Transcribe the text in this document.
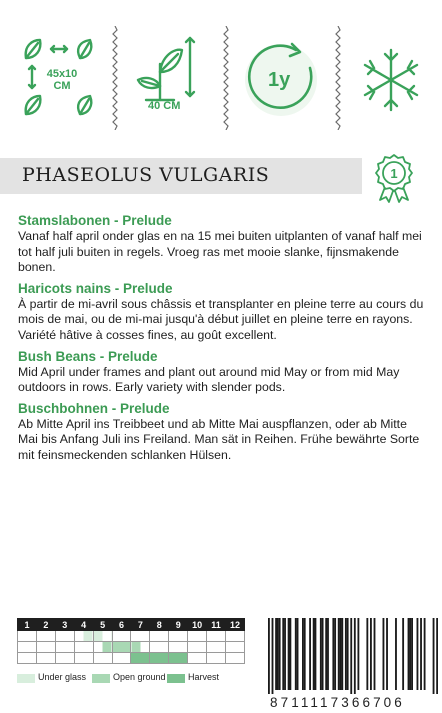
45x10
CM
40 CM
1y
PHASEOLUS VULGARIS	1
Stamslabonen - Prelude

Vanaf half april onder glas en na 15 mei buiten uitplanten of vanaf half mei tot half juli buiten in regels. Vroeg ras met mooie slanke, fijnsmakende bonen.

Haricots nains - Prelude

À partir de mi-avril sous châssis et transplanter en pleine terre au cours du mois de mai, ou de mi-mai jusqu'à début juillet en pleine terre en rayons. Variété hâtive à cosses fines, au goût excellent.

Bush Beans - Prelude

Mid April under frames and plant out around mid May or from mid May outdoors in rows. Early variety with slender pods.

Buschbohnen - Prelude

Ab Mitte April ins Treibbeet und ab Mitte Mai auspflanzen, oder ab Mitte Mai bis Anfang Juli ins Freiland. Man sät in Reihen. Frühe bewährte Sorte mit feinsmeckenden schlanken Hülsen.

1	2	3	4	5	6	7	8	9	10	11	12

Under glass	Open ground Harvest
8711117366706
